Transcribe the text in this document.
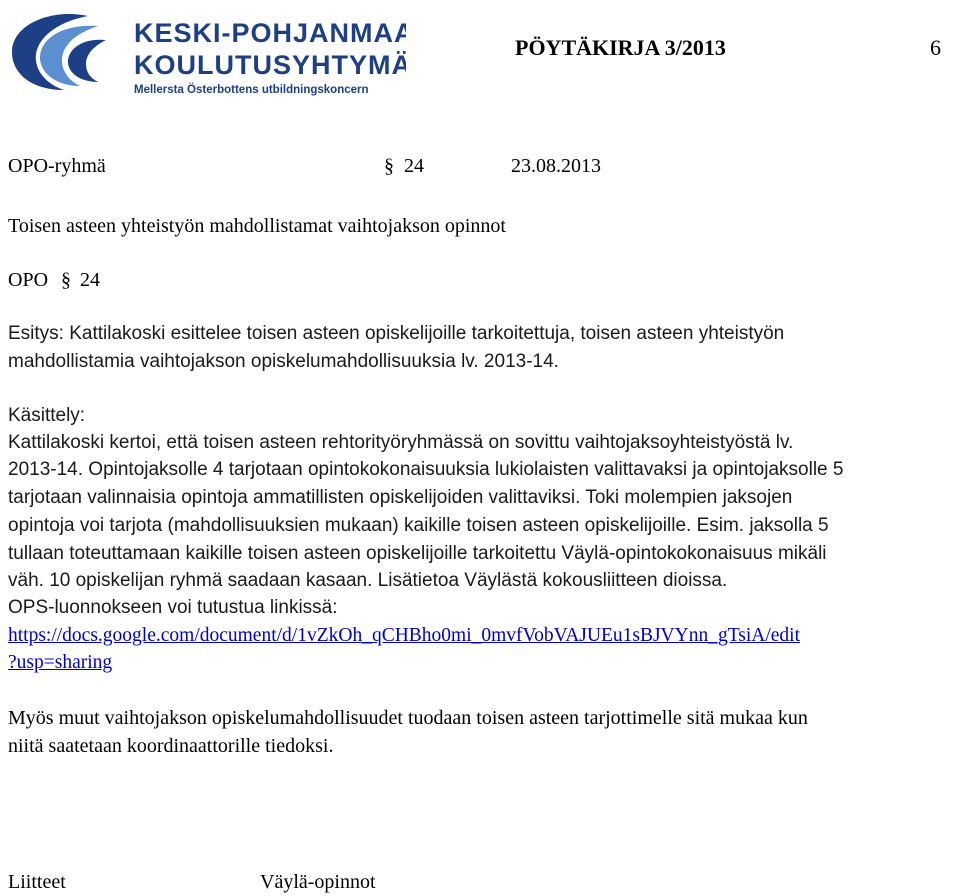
KESKI-POHJANMAAN
KOULUTUSYHTYMÄ
Mellersta Österbottens utbildningskoncern
PÖYTÄKIRJA 3/2013	6
OPO-ryhmä	§ 24	23.08.2013
Toisen asteen yhteistyön mahdollistamat vaihtojakson opinnot
OPO § 24
Esitys: Kattilakoski esittelee toisen asteen opiskelijoille tarkoitettuja, toisen asteen yhteistyön
mahdollistamia vaihtojakson opiskelumahdollisuuksia lv. 2013-14.
Käsittely:
Kattilakoski kertoi, että toisen asteen rehtorityöryhmässä on sovittu vaihtojaksoyhteistyöstä lv.
2013-14. Opintojaksolle 4 tarjotaan opintokokonaisuuksia lukiolaisten valittavaksi ja opintojaksolle 5
tarjotaan valinnaisia opintoja ammatillisten opiskelijoiden valittaviksi. Toki molempien jaksojen
opintoja voi tarjota (mahdollisuuksien mukaan) kaikille toisen asteen opiskelijoille. Esim. jaksolla 5
tullaan toteuttamaan kaikille toisen asteen opiskelijoille tarkoitettu Väylä-opintokokonaisuus mikäli
väh. 10 opiskelijan ryhmä saadaan kasaan. Lisätietoa Väylästä kokousliitteen dioissa.
OPS-luonnokseen voi tutustua linkissä:
https://docs.google.com/document/d/1vZkOh_qCHBho0mi_0mvfVobVAJUEu1sBJVYnn_gTsiA/edit
?usp=sharing
Myös muut vaihtojakson opiskelumahdollisuudet tuodaan toisen asteen tarjottimelle sitä mukaa kun
niitä saatetaan koordinaattorille tiedoksi.
Liitteet	Väylä-opinnot
